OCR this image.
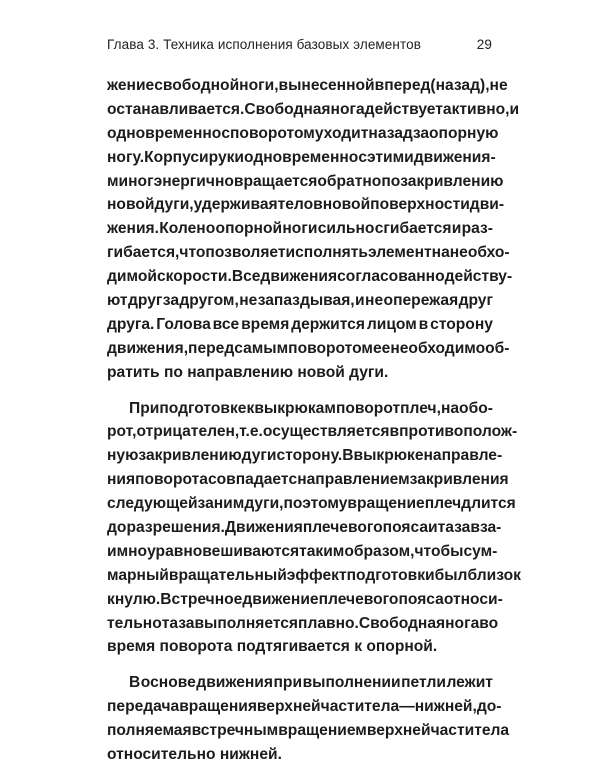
Глава 3. Техника исполнения базовых элементов	29
жение свободной ноги, вынесенной вперед (назад), не
останавливается. Свободная нога действует активно, и
одновременно с поворотом уходит назад за опорную
ногу. Корпус и руки одновременно с этими движения-
ми ног энергично вращается обратно по закривлению
новой дуги, удерживая тело в новой поверхности дви-
жения. Колено опорной ноги сильно сгибается и раз-
гибается, что позволяет исполнять элемент на необхо-
димой скорости. Все движения согласованно действу-
ют друг за другом, не запаздывая, и не опережая друг
друга. Голова все время держится лицом в сторону
движения, перед самым поворотом ее необходимо об-
ратить по направлению новой дуги.
При подготовке к выкрюкам поворот плеч, наобо-
рот, отрицателен, т. е. осуществляется в противополож-
ную закривлению дуги сторону. В выкрюке направле-
ния поворота совпадает с направлением закривления
следующей за ним дуги, поэтому вращение плеч длится
до разрешения. Движения плечевого пояса и таза вза-
имно уравновешиваются таким образом, чтобы сум-
марный вращательный эффект подготовки был близок
к нулю. Встречное движение плечевого пояса относи-
тельно таза выполняется плавно. Свободная нога во
время поворота подтягивается к опорной.
В основе движения при выполнении петли лежит
передача вращения верхней части тела — нижней, до-
полняемая встречным вращением верхней части тела
относительно нижней.
